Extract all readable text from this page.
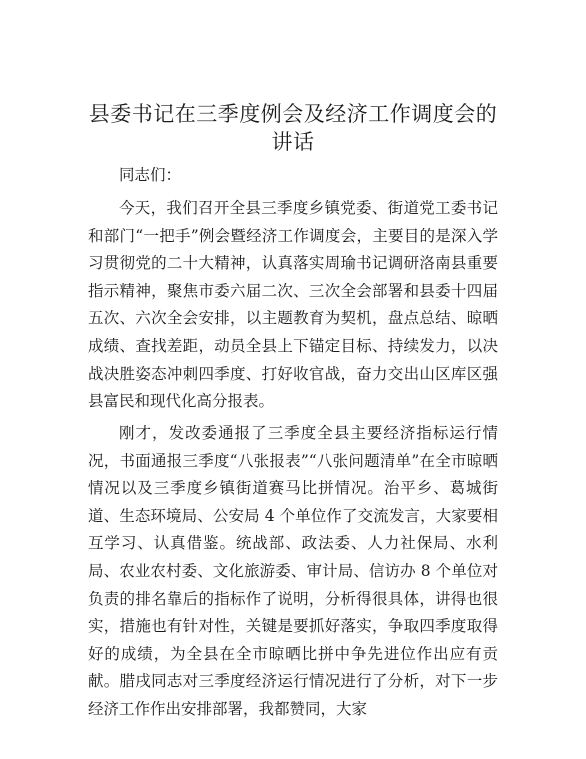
县委书记在三季度例会及经济工作调度会的讲话

同志们：

今天，我们召开全县三季度乡镇党委、街道党工委书记和部门“一把手”例会暨经济工作调度会，主要目的是深入学习贯彻党的二十大精神，认真落实周瑜书记调研洛南县重要指示精神，聚焦市委六届二次、三次全会部署和县委十四届五次、六次全会安排，以主题教育为契机，盘点总结、晾晒成绩、查找差距，动员全县上下锚定目标、持续发力，以决战决胜姿态冲刺四季度、打好收官战，奋力交出山区库区强县富民和现代化高分报表。

刚才，发改委通报了三季度全县主要经济指标运行情况，书面通报三季度“八张报表”“八张问题清单”在全市晾晒情况以及三季度乡镇街道赛马比拼情况。治平乡、葛城街道、生态环境局、公安局 4 个单位作了交流发言，大家要相互学习、认真借鉴。统战部、政法委、人力社保局、水利局、农业农村委、文化旅游委、审计局、信访办 8 个单位对负责的排名靠后的指标作了说明，分析得很具体，讲得也很实，措施也有针对性，关键是要抓好落实，争取四季度取得好的成绩，为全县在全市晾晒比拼中争先进位作出应有贡献。腊戌同志对三季度经济运行情况进行了分析，对下一步经济工作作出安排部署，我都赞同，大家
